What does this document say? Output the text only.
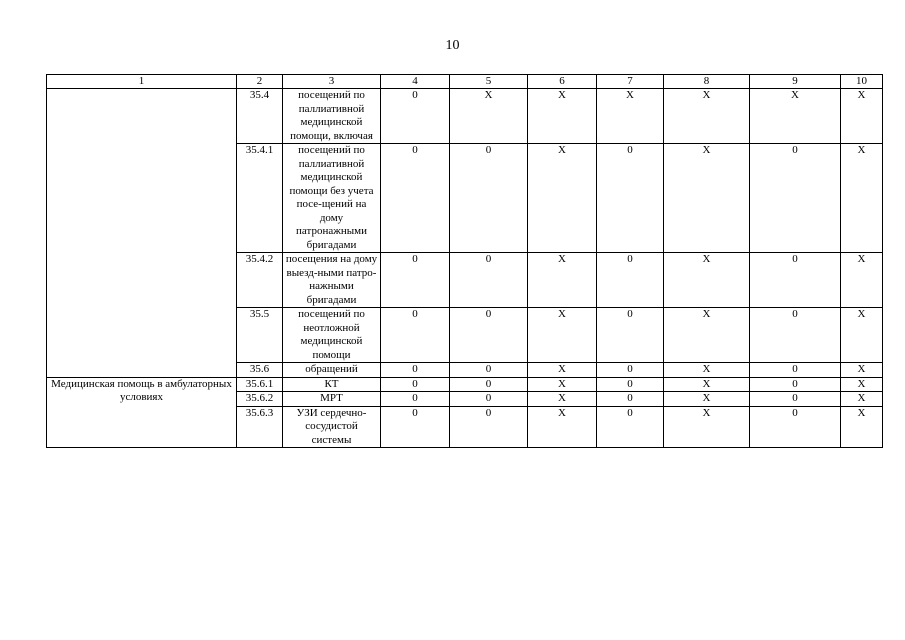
10
1	2	3	4	5	6	7	8	9	10
	35.4	посещений по паллиативной медицинской помощи, включая	0	Х	Х	Х	Х	Х	Х
	35.4.1	посещений по паллиативной медицинской помощи без учета посе-щений на дому патронажными бригадами	0	0	Х	0	Х	0	Х
	35.4.2	посещения на дому выезд-ными патро-нажными бригадами	0	0	Х	0	Х	0	Х
	35.5	посещений по неотложной медицинской помощи	0	0	Х	0	Х	0	Х
	35.6	обращений	0	0	Х	0	Х	0	Х
Медицинская помощь в амбулаторных условиях	35.6.1	КТ	0	0	Х	0	Х	0	Х
	35.6.2	МРТ	0	0	Х	0	Х	0	Х
	35.6.3	УЗИ сердечно-сосудистой системы	0	0	Х	0	Х	0	Х
